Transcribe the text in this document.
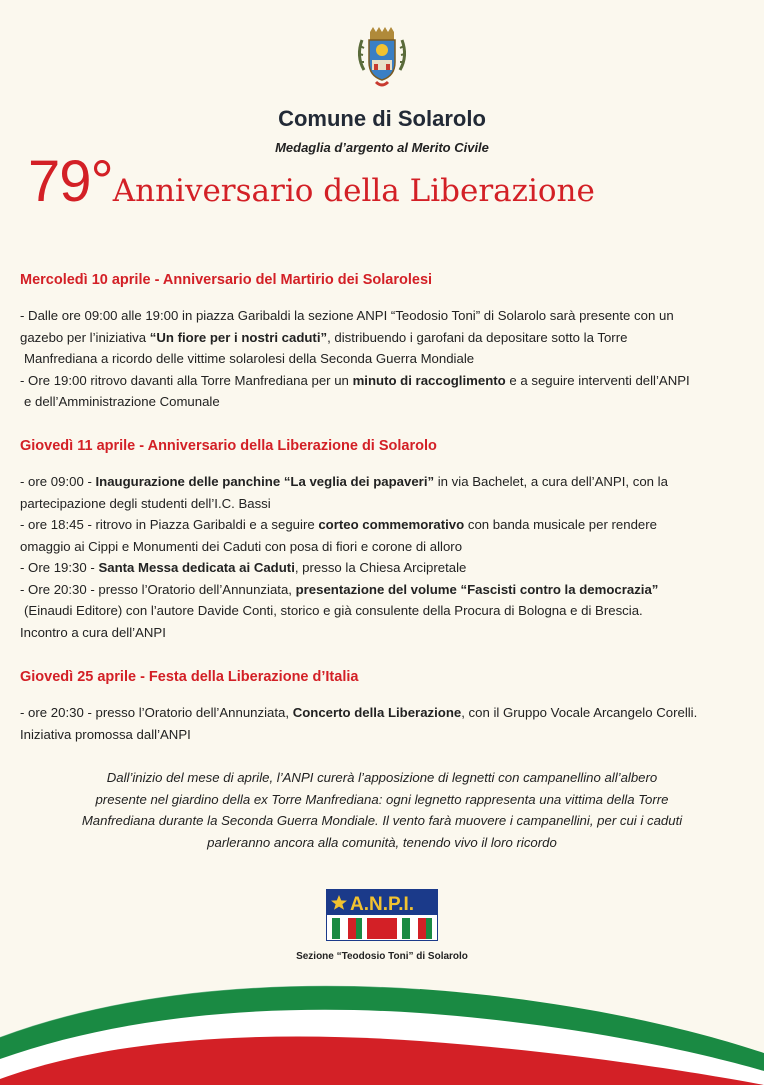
Comune di Solarolo
Medaglia d’argento al Merito Civile
79°Anniversario della Liberazione
Mercoledì 10 aprile - Anniversario del Martirio dei Solarolesi
- Dalle ore 09:00 alle 19:00 in piazza Garibaldi la sezione ANPI “Teodosio Toni” di Solarolo sarà presente con un
gazebo per l’iniziativa “Un fiore per i nostri caduti”, distribuendo i garofani da depositare sotto la Torre
Manfrediana a ricordo delle vittime solarolesi della Seconda Guerra Mondiale
- Ore 19:00 ritrovo davanti alla Torre Manfrediana per un minuto di raccoglimento e a seguire interventi dell’ANPI
e dell’Amministrazione Comunale
Giovedì 11 aprile - Anniversario della Liberazione di Solarolo
- ore 09:00 - Inaugurazione delle panchine “La veglia dei papaveri” in via Bachelet, a cura dell’ANPI, con la
partecipazione degli studenti dell’I.C. Bassi
- ore 18:45 - ritrovo in Piazza Garibaldi e a seguire corteo commemorativo con banda musicale per rendere
omaggio ai Cippi e Monumenti dei Caduti con posa di fiori e corone di alloro
- Ore 19:30 - Santa Messa dedicata ai Caduti, presso la Chiesa Arcipretale
- Ore 20:30 - presso l’Oratorio dell’Annunziata, presentazione del volume “Fascisti contro la democrazia”
(Einaudi Editore) con l’autore Davide Conti, storico e già consulente della Procura di Bologna e di Brescia.
Incontro a cura dell’ANPI
Giovedì 25 aprile - Festa della Liberazione d’Italia
- ore 20:30 - presso l’Oratorio dell’Annunziata, Concerto della Liberazione, con il Gruppo Vocale Arcangelo Corelli.
Iniziativa promossa dall’ANPI
Dall’inizio del mese di aprile, l’ANPI curerà l’apposizione di legnetti con campanellino all’albero
presente nel giardino della ex Torre Manfrediana: ogni legnetto rappresenta una vittima della Torre
Manfrediana durante la Seconda Guerra Mondiale. Il vento farà muovere i campanellini, per cui i caduti
parleranno ancora alla comunità, tenendo vivo il loro ricordo
A.N.P.I.
Sezione “Teodosio Toni” di Solarolo
